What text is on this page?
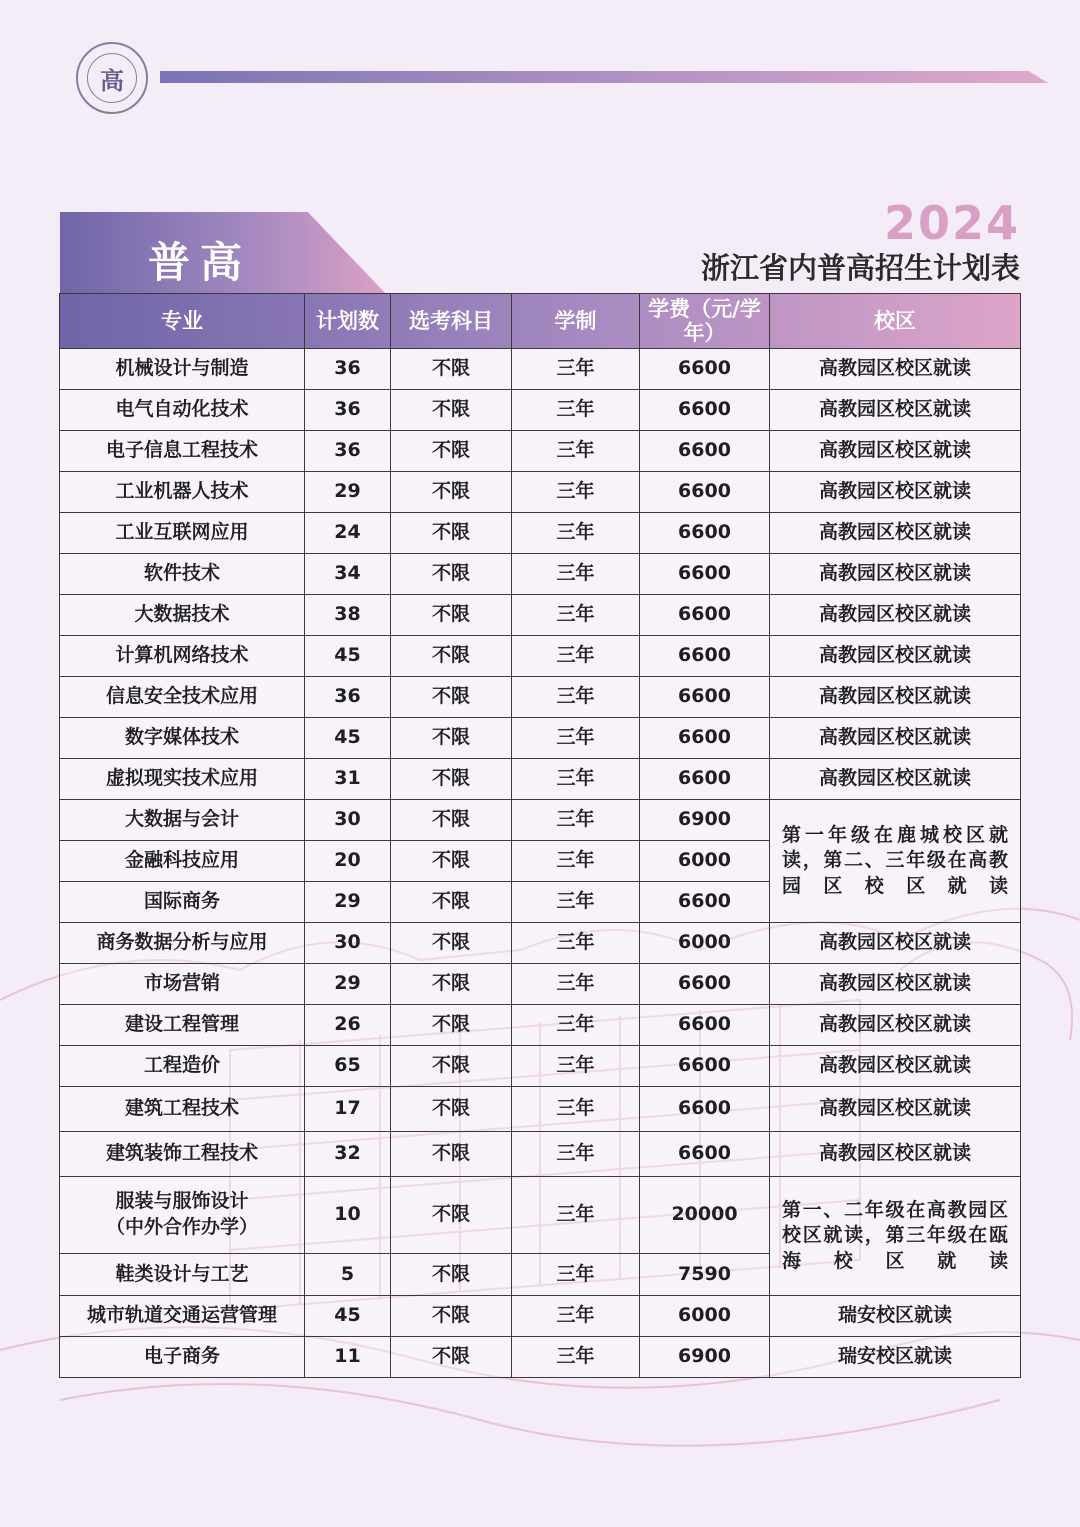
高
普高
2024
浙江省内普高招生计划表
专业	计划数	选考科目	学制	学费（元/学年）	校区

机械设计与制造	36	不限	三年	6600	高教园区校区就读

电气自动化技术	36	不限	三年	6600	高教园区校区就读

电子信息工程技术	36	不限	三年	6600	高教园区校区就读

工业机器人技术	29	不限	三年	6600	高教园区校区就读

工业互联网应用	24	不限	三年	6600	高教园区校区就读

软件技术	34	不限	三年	6600	高教园区校区就读

大数据技术	38	不限	三年	6600	高教园区校区就读

计算机网络技术	45	不限	三年	6600	高教园区校区就读

信息安全技术应用	36	不限	三年	6600	高教园区校区就读

数字媒体技术	45	不限	三年	6600	高教园区校区就读

虚拟现实技术应用	31	不限	三年	6600	高教园区校区就读

大数据与会计	30	不限	三年	6900	第一年级在鹿城校区就读，第二、三年级在高教园区校区就读

金融科技应用	20	不限	三年	6000	

国际商务	29	不限	三年	6600	

商务数据分析与应用	30	不限	三年	6000	高教园区校区就读

市场营销	29	不限	三年	6600	高教园区校区就读

建设工程管理	26	不限	三年	6600	高教园区校区就读

工程造价	65	不限	三年	6600	高教园区校区就读

建筑工程技术	17	不限	三年	6600	高教园区校区就读

建筑装饰工程技术	32	不限	三年	6600	高教园区校区就读

服装与服饰设计
（中外合作办学）	10	不限	三年	20000	第一、二年级在高教园区校区就读，第三年级在瓯海校区就读

鞋类设计与工艺	5	不限	三年	7590	

城市轨道交通运营管理	45	不限	三年	6000	瑞安校区就读

电子商务	11	不限	三年	6900	瑞安校区就读
